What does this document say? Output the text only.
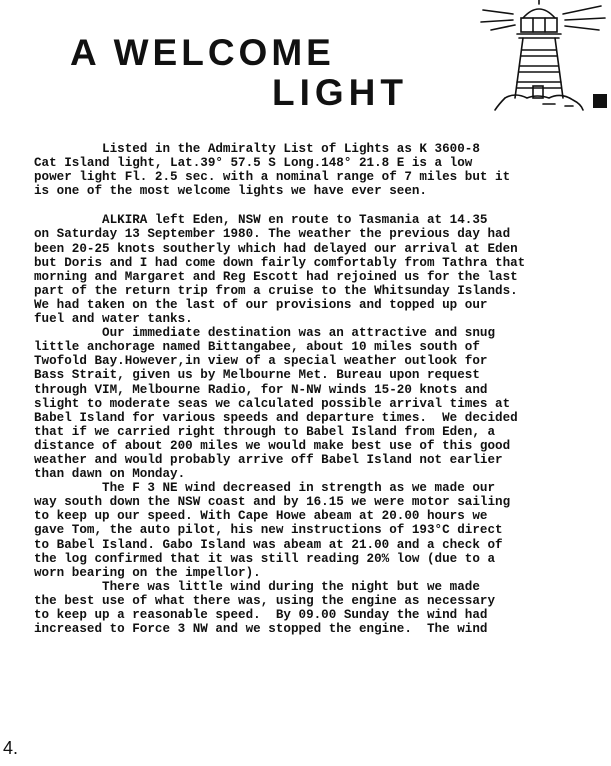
A WELCOME
LIGHT
Listed in the Admiralty List of Lights as K 3600-8
Cat Island light, Lat.39° 57.5 S Long.148° 21.8 E is a low
power light Fl. 2.5 sec. with a nominal range of 7 miles but it
is one of the most welcome lights we have ever seen.
ALKIRA left Eden, NSW en route to Tasmania at 14.35
on Saturday 13 September 1980. The weather the previous day had
been 20-25 knots southerly which had delayed our arrival at Eden
but Doris and I had come down fairly comfortably from Tathra that
morning and Margaret and Reg Escott had rejoined us for the last
part of the return trip from a cruise to the Whitsunday Islands.
We had taken on the last of our provisions and topped up our
fuel and water tanks.
Our immediate destination was an attractive and snug
little anchorage named Bittangabee, about 10 miles south of
Twofold Bay.However,in view of a special weather outlook for
Bass Strait, given us by Melbourne Met. Bureau upon request
through VIM, Melbourne Radio, for N-NW winds 15-20 knots and
slight to moderate seas we calculated possible arrival times at
Babel Island for various speeds and departure times.  We decided
that if we carried right through to Babel Island from Eden, a
distance of about 200 miles we would make best use of this good
weather and would probably arrive off Babel Island not earlier
than dawn on Monday.
The F 3 NE wind decreased in strength as we made our
way south down the NSW coast and by 16.15 we were motor sailing
to keep up our speed. With Cape Howe abeam at 20.00 hours we
gave Tom, the auto pilot, his new instructions of 193°C direct
to Babel Island. Gabo Island was abeam at 21.00 and a check of
the log confirmed that it was still reading 20% low (due to a
worn bearing on the impellor).
There was little wind during the night but we made
the best use of what there was, using the engine as necessary
to keep up a reasonable speed.  By 09.00 Sunday the wind had
increased to Force 3 NW and we stopped the engine.  The wind
4.
